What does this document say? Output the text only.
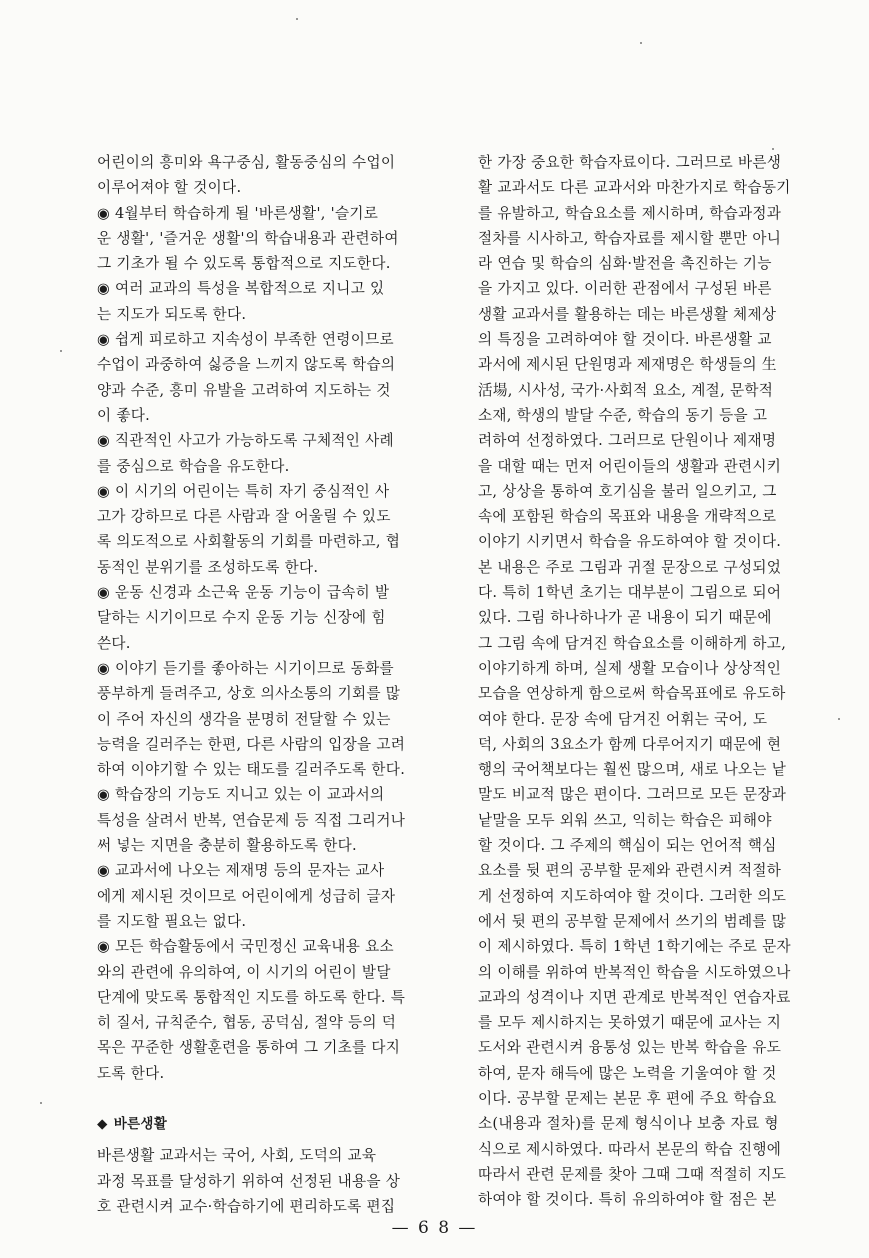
어린이의 흥미와 욕구중심, 활동중심의 수업이
이루어져야 할 것이다.
◉ 4월부터 학습하게 될 '바른생활', '슬기로
운 생활', '즐거운 생활'의 학습내용과 관련하여
그 기초가 될 수 있도록 통합적으로 지도한다.
◉ 여러 교과의 특성을 복합적으로 지니고 있
는 지도가 되도록 한다.
◉ 쉽게 피로하고 지속성이 부족한 연령이므로
수업이 과중하여 싫증을 느끼지 않도록 학습의
양과 수준, 흥미 유발을 고려하여 지도하는 것
이 좋다.
◉ 직관적인 사고가 가능하도록 구체적인 사례
를 중심으로 학습을 유도한다.
◉ 이 시기의 어린이는 특히 자기 중심적인 사
고가 강하므로 다른 사람과 잘 어울릴 수 있도
록 의도적으로 사회활동의 기회를 마련하고, 협
동적인 분위기를 조성하도록 한다.
◉ 운동 신경과 소근육 운동 기능이 급속히 발
달하는 시기이므로 수지 운동 기능 신장에 힘
쓴다.
◉ 이야기 듣기를 좋아하는 시기이므로 동화를
풍부하게 들려주고, 상호 의사소통의 기회를 많
이 주어 자신의 생각을 분명히 전달할 수 있는
능력을 길러주는 한편, 다른 사람의 입장을 고려
하여 이야기할 수 있는 태도를 길러주도록 한다.
◉ 학습장의 기능도 지니고 있는 이 교과서의
특성을 살려서 반복, 연습문제 등 직접 그리거나
써 넣는 지면을 충분히 활용하도록 한다.
◉ 교과서에 나오는 제재명 등의 문자는 교사
에게 제시된 것이므로 어린이에게 성급히 글자
를 지도할 필요는 없다.
◉ 모든 학습활동에서 국민정신 교육내용 요소
와의 관련에 유의하여, 이 시기의 어린이 발달
단계에 맞도록 통합적인 지도를 하도록 한다. 특
히 질서, 규칙준수, 협동, 공덕심, 절약 등의 덕
목은 꾸준한 생활훈련을 통하여 그 기초를 다지
도록 한다.
◆ 바른생활
바른생활 교과서는 국어, 사회, 도덕의 교육
과정 목표를 달성하기 위하여 선정된 내용을 상
호 관련시켜 교수·학습하기에 편리하도록 편집
한 가장 중요한 학습자료이다. 그러므로 바른생
활 교과서도 다른 교과서와 마찬가지로 학습동기
를 유발하고, 학습요소를 제시하며, 학습과정과
절차를 시사하고, 학습자료를 제시할 뿐만 아니
라 연습 및 학습의 심화·발전을 촉진하는 기능
을 가지고 있다. 이러한 관점에서 구성된 바른
생활 교과서를 활용하는 데는 바른생활 체제상
의 특징을 고려하여야 할 것이다. 바른생활 교
과서에 제시된 단원명과 제재명은 학생들의 生
活場, 시사성, 국가·사회적 요소, 계절, 문학적
소재, 학생의 발달 수준, 학습의 동기 등을 고
려하여 선정하였다. 그러므로 단원이나 제재명
을 대할 때는 먼저 어린이들의 생활과 관련시키
고, 상상을 통하여 호기심을 불러 일으키고, 그
속에 포함된 학습의 목표와 내용을 개략적으로
이야기 시키면서 학습을 유도하여야 할 것이다.
본 내용은 주로 그림과 귀절 문장으로 구성되었
다. 특히 1학년 초기는 대부분이 그림으로 되어
있다. 그림 하나하나가 곧 내용이 되기 때문에
그 그림 속에 담겨진 학습요소를 이해하게 하고,
이야기하게 하며, 실제 생활 모습이나 상상적인
모습을 연상하게 함으로써 학습목표에로 유도하
여야 한다. 문장 속에 담겨진 어휘는 국어, 도
덕, 사회의 3요소가 함께 다루어지기 때문에 현
행의 국어책보다는 훨씬 많으며, 새로 나오는 낱
말도 비교적 많은 편이다. 그러므로 모든 문장과
낱말을 모두 외워 쓰고, 익히는 학습은 피해야
할 것이다. 그 주제의 핵심이 되는 언어적 핵심
요소를 뒷 편의 공부할 문제와 관련시켜 적절하
게 선정하여 지도하여야 할 것이다. 그러한 의도
에서 뒷 편의 공부할 문제에서 쓰기의 범례를 많
이 제시하였다. 특히 1학년 1학기에는 주로 문자
의 이해를 위하여 반복적인 학습을 시도하였으나
교과의 성격이나 지면 관계로 반복적인 연습자료
를 모두 제시하지는 못하였기 때문에 교사는 지
도서와 관련시켜 융통성 있는 반복 학습을 유도
하여, 문자 해득에 많은 노력을 기울여야 할 것
이다. 공부할 문제는 본문 후 편에 주요 학습요
소(내용과 절차)를 문제 형식이나 보충 자료 형
식으로 제시하였다. 따라서 본문의 학습 진행에
따라서 관련 문제를 찾아 그때 그때 적절히 지도
하여야 할 것이다. 특히 유의하여야 할 점은 본
— 6 8 —
